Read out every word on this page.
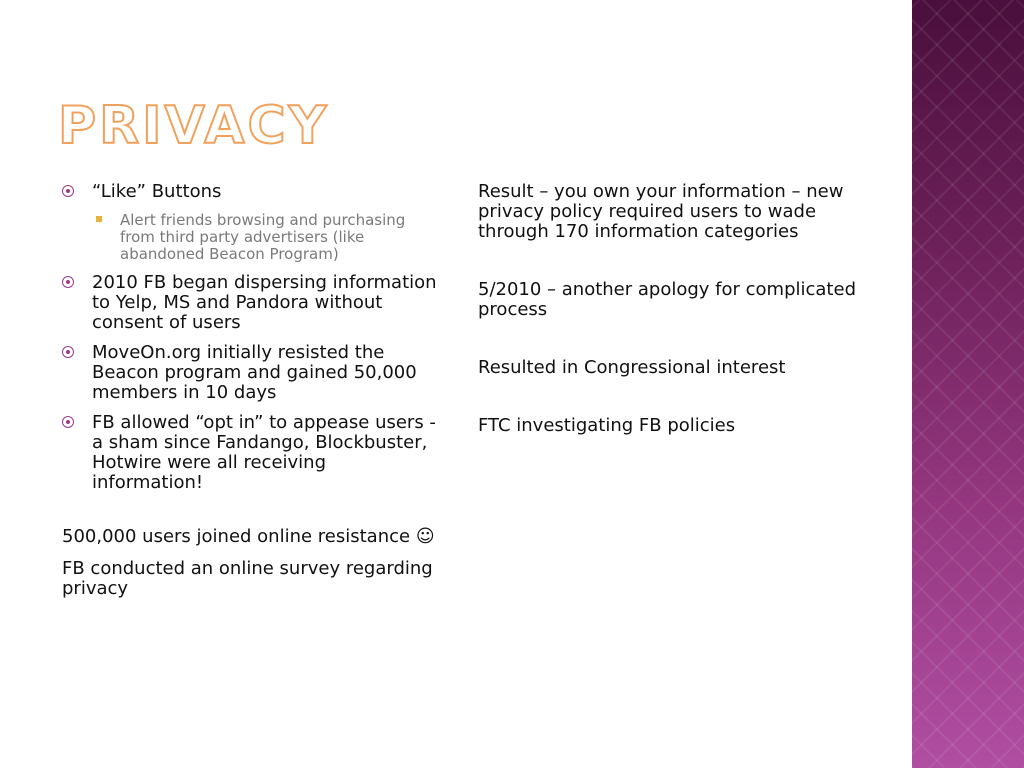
PRIVACY
“Like” Buttons
Alert friends browsing and purchasing from third party advertisers (like abandoned Beacon Program)
2010 FB began dispersing information to Yelp, MS and Pandora without consent of users
MoveOn.org initially resisted the Beacon program and gained 50,000 members in 10 days
FB allowed “opt in” to appease users - a sham since Fandango, Blockbuster, Hotwire were all receiving information!
500,000 users joined online resistance ☺
FB conducted an online survey regarding privacy
Result – you own your information – new privacy policy required users to wade through 170 information categories
5/2010 – another apology for complicated process
Resulted in Congressional interest
FTC investigating FB policies
